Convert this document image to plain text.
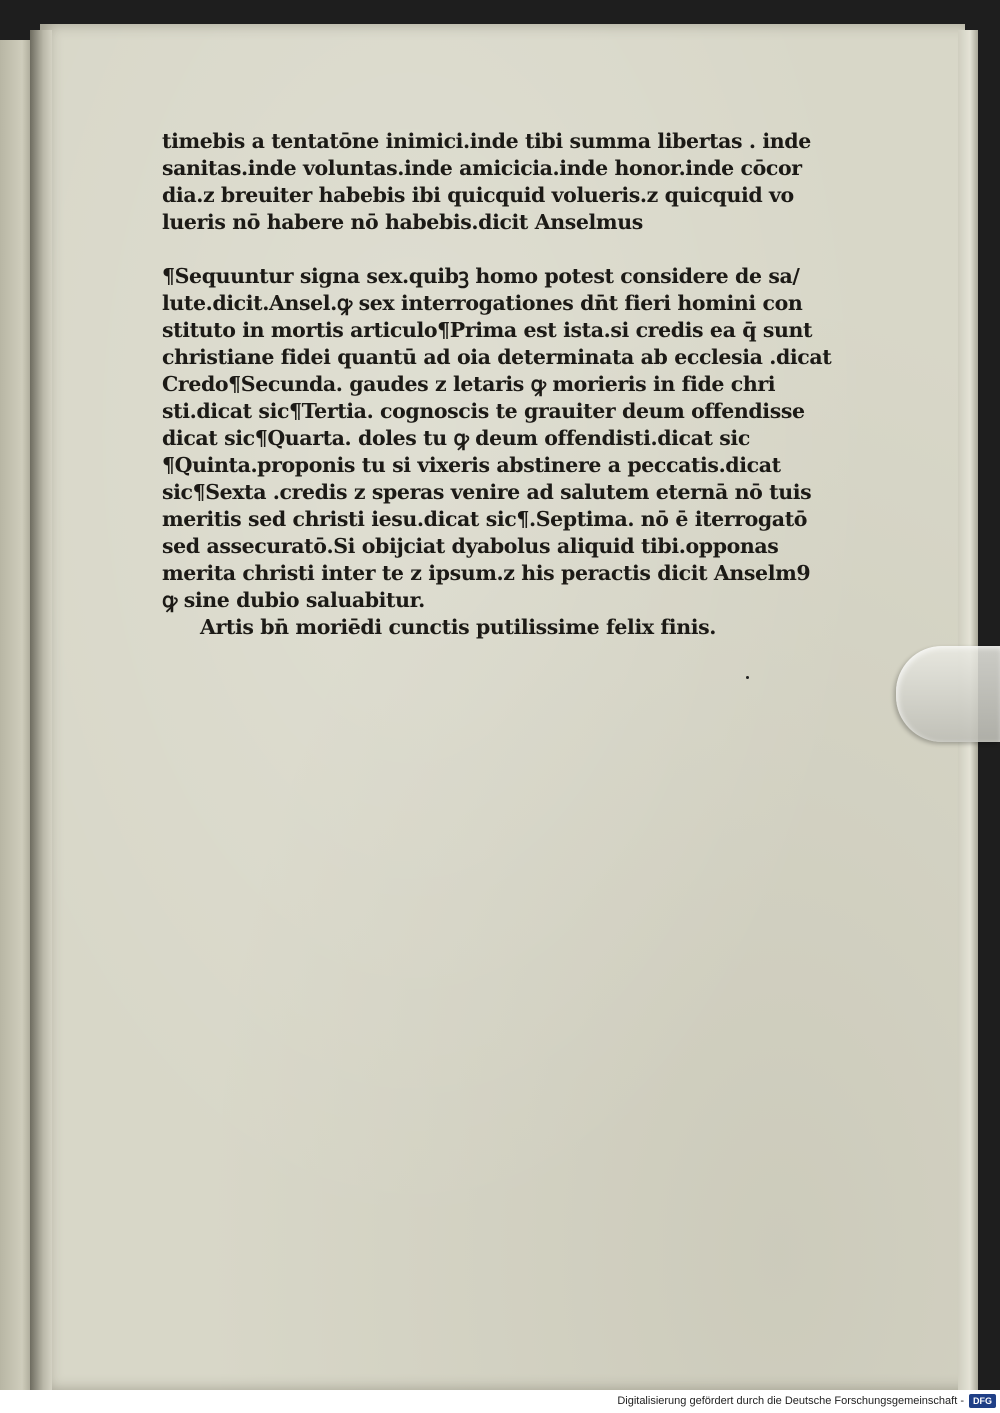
timebis a tentatōne inimici.inde tibi summa libertas . inde
sanitas.inde voluntas.inde amicicia.inde honor.inde cōcor
dia.z breuiter habebis ibi quicquid volueris.z quicquid vo
lueris nō habere nō habebis.dicit Anselmus
¶Sequuntur signa sex.quibꝫ homo potest considere de sa/
lute.dicit.Ansel.ꝙ sex interrogationes dn̄t fieri homini con
stituto in mortis articulo¶Prima est ista.si credis ea q̄ sunt
christiane fidei quantū ad oia determinata ab ecclesia .dicat
Credo¶Secunda. gaudes z letaris ꝙ morieris in fide chri
sti.dicat sic¶Tertia. cognoscis te grauiter deum offendisse
dicat sic¶Quarta. doles tu ꝙ deum offendisti.dicat sic
¶Quinta.proponis tu si vixeris abstinere a peccatis.dicat
sic¶Sexta .credis z speras venire ad salutem eternā nō tuis
meritis sed christi iesu.dicat sic¶.Septima. nō ē iterrogatō
sed assecuratō.Si obijciat dyabolus aliquid tibi.opponas
merita christi inter te z ipsum.z his peractis dicit Anselm9
ꝙ sine dubio saluabitur.
Artis bn̄ moriēdi cunctis putilissime felix finis.
Digitalisierung gefördert durch die Deutsche Forschungsgemeinschaft -	DFG
